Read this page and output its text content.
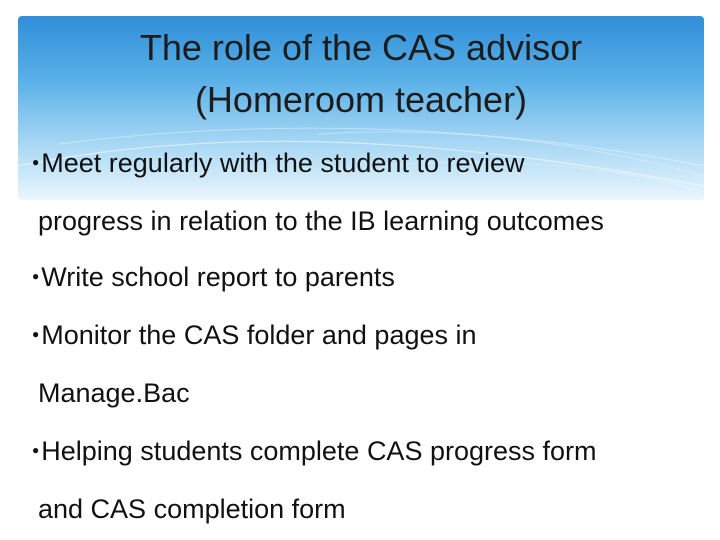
The role of the CAS advisor
(Homeroom teacher)
●Meet regularly with the student to review
progress in relation to the IB learning outcomes
●Write school report to parents
●Monitor the CAS folder and pages in
Manage.Bac
●Helping students complete CAS progress form
and CAS completion form
